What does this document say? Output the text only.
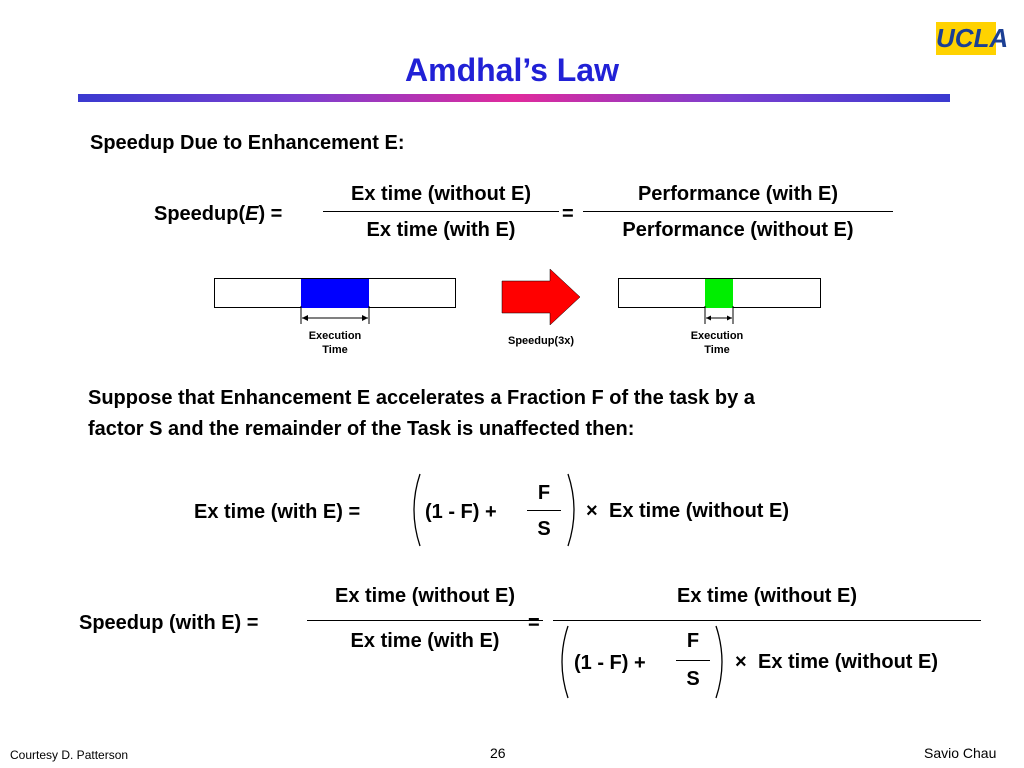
UCLA
Amdhal’s Law
Speedup Due to Enhancement E:
Speedup(E) =
Ex time (without E)
Ex time (with E)
=
Performance (with E)
Performance (without E)
Execution
Time
Speedup(3x)	Execution
Time
Suppose that Enhancement E accelerates a Fraction F of the task by a
factor S and the remainder of the Task is unaffected then:
Ex time (with E) =	(1 - F) +
F
S
× Ex time (without E)
Speedup (with E) =
Ex time (without E)
Ex time (with E)
=
Ex time (without E)
(1 - F) +
F
S
× Ex time (without E)
Courtesy D. Patterson	26	Savio Chau
